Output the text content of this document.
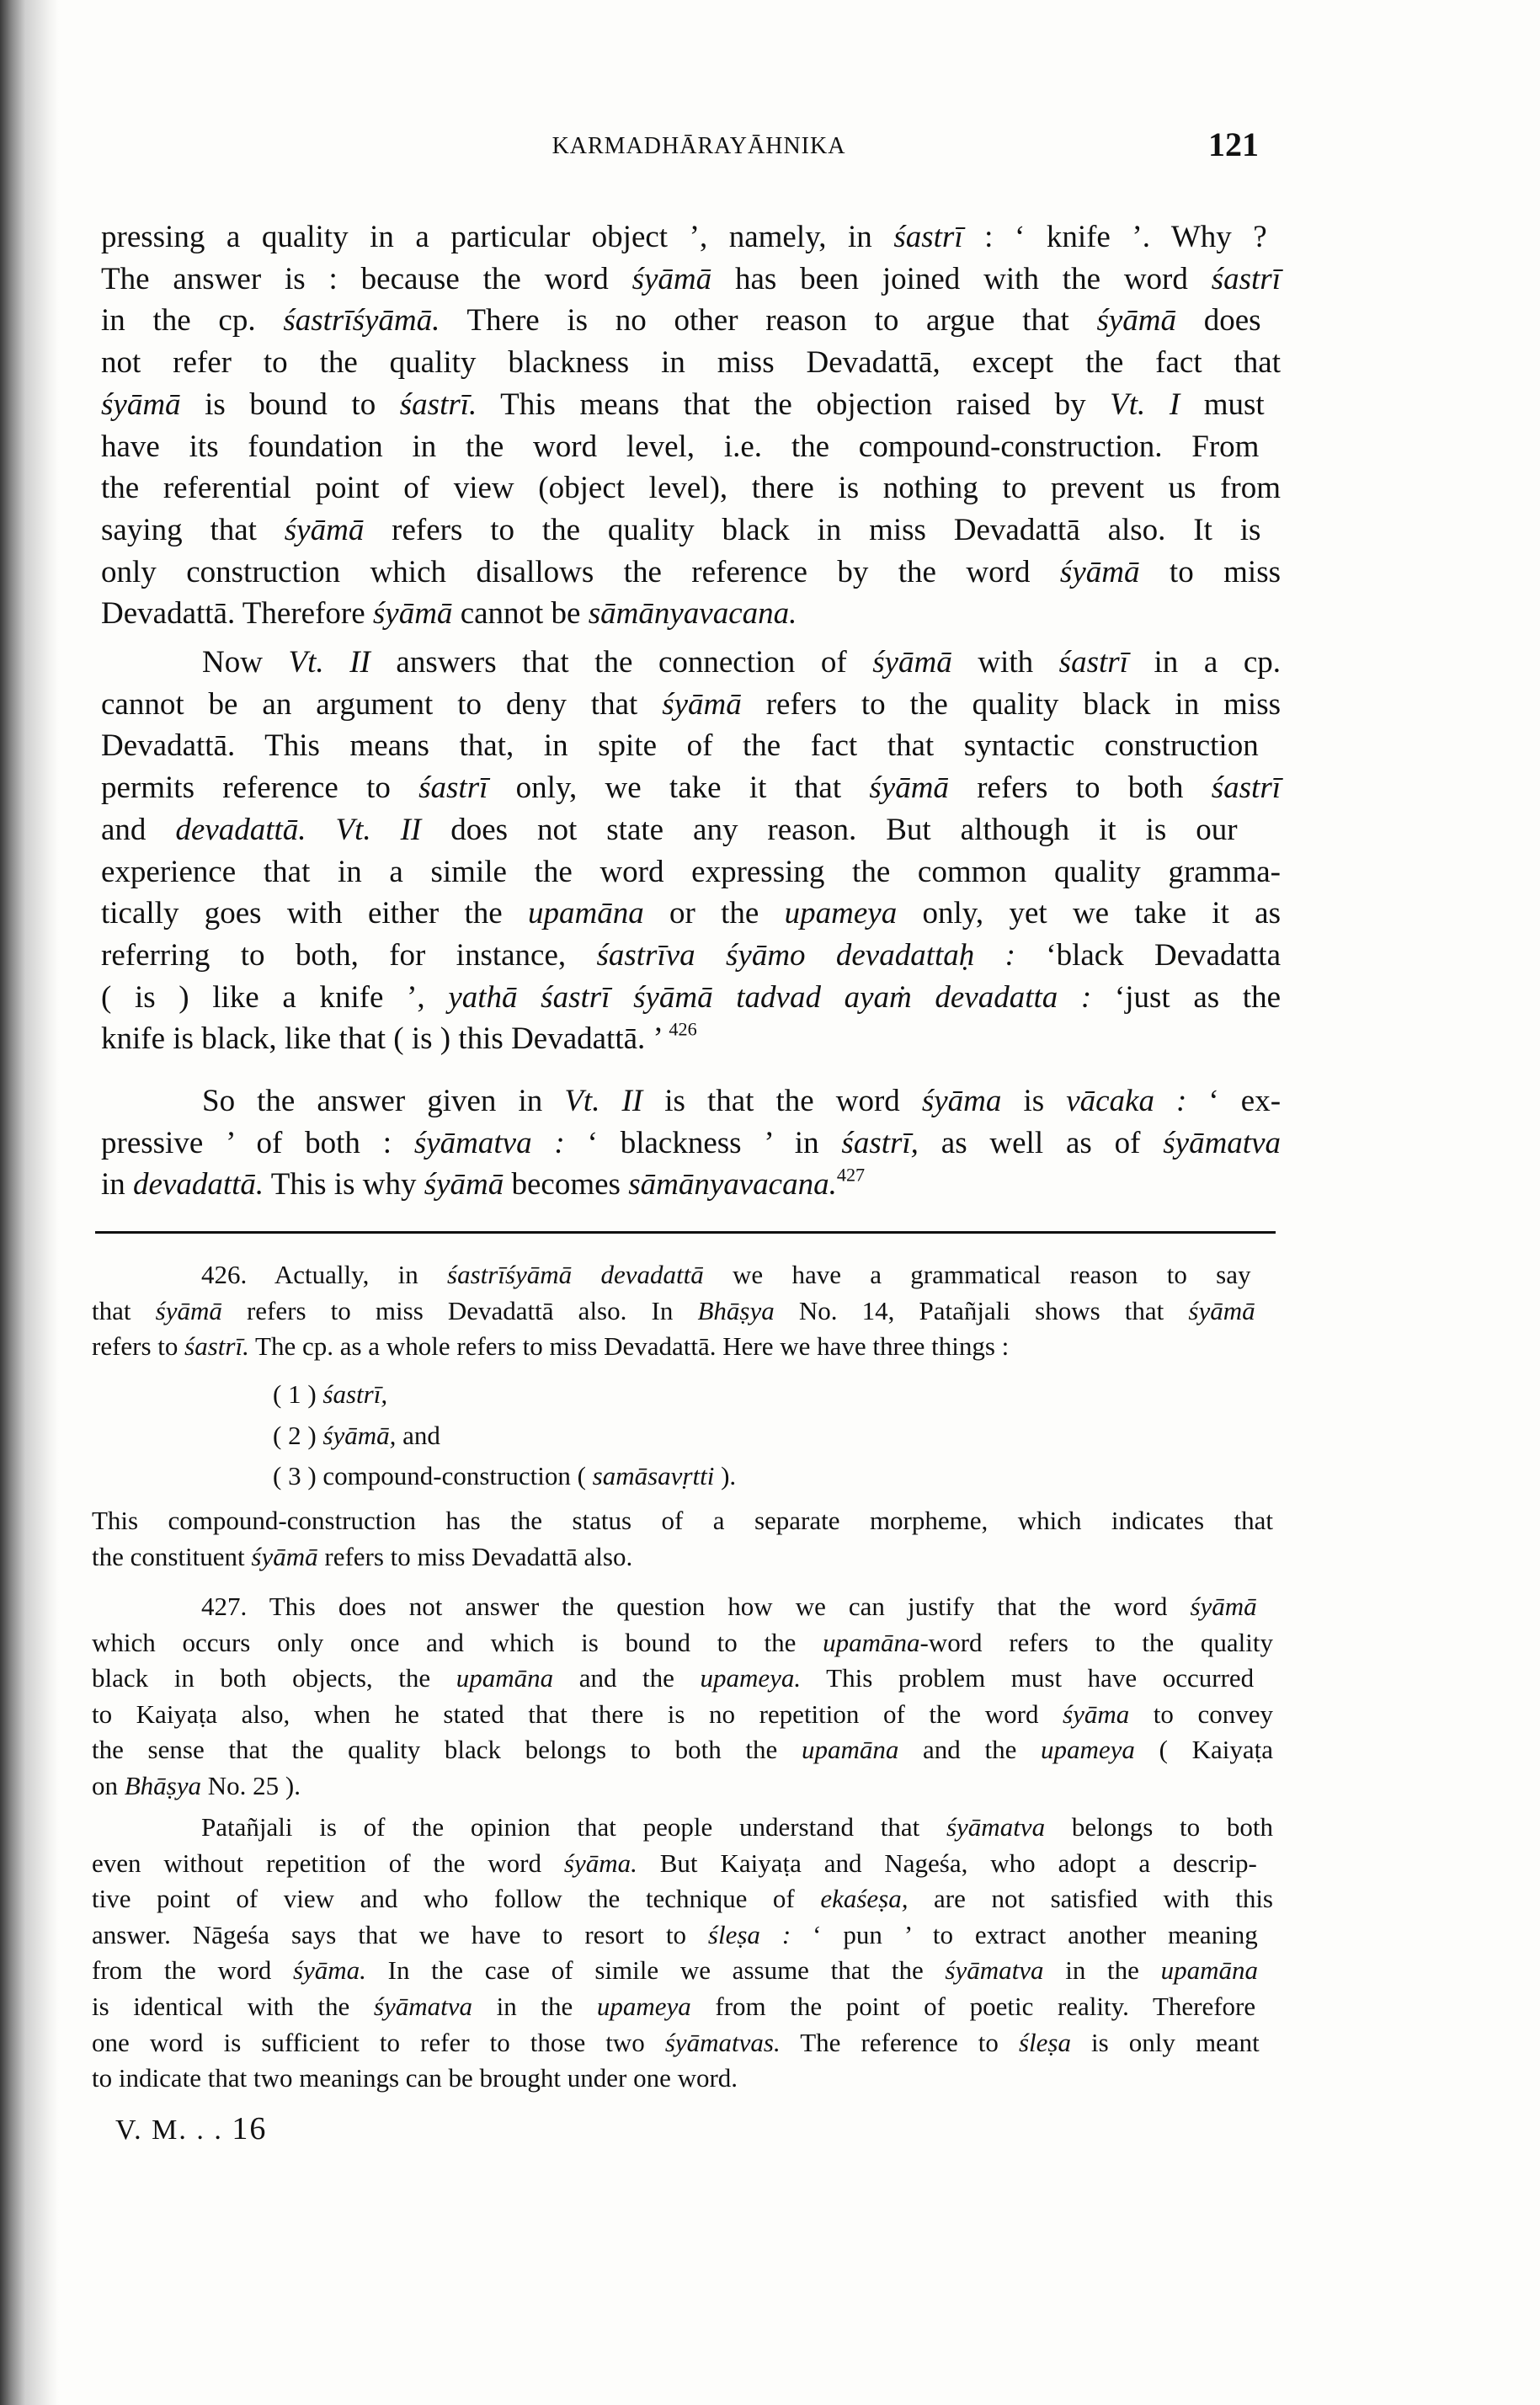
KARMADHĀRAYĀHNIKA	121
pressing a quality in a particular object ’, namely, in śastrī : ‘ knife ’. Why ?
The answer is : because the word śyāmā has been joined with the word śastrī
in the cp. śastrīśyāmā. There is no other reason to argue that śyāmā does
not refer to the quality blackness in miss Devadattā, except the fact that
śyāmā is bound to śastrī. This means that the objection raised by Vt. I must
have its foundation in the word level, i.e. the compound-construction. From
the referential point of view (object level), there is nothing to prevent us from
saying that śyāmā refers to the quality black in miss Devadattā also. It is
only construction which disallows the reference by the word śyāmā to miss
Devadattā. Therefore śyāmā cannot be sāmānyavacana.
Now Vt. II answers that the connection of śyāmā with śastrī in a cp.
cannot be an argument to deny that śyāmā refers to the quality black in miss
Devadattā. This means that, in spite of the fact that syntactic construction
permits reference to śastrī only, we take it that śyāmā refers to both śastrī
and devadattā. Vt. II does not state any reason. But although it is our
experience that in a simile the word expressing the common quality gramma-
tically goes with either the upamāna or the upameya only, yet we take it as
referring to both, for instance, śastrīva śyāmo devadattaḥ : ‘black Devadatta
( is ) like a knife ’, yathā śastrī śyāmā tadvad ayaṁ devadatta : ‘just as the
knife is black, like that ( is ) this Devadattā. ’ $^{426}$
So the answer given in Vt. II is that the word śyāma is vācaka : ‘ ex-
pressive ’ of both : śyāmatva : ‘ blackness ’ in śastrī, as well as of śyāmatva
in devadattā. This is why śyāmā becomes sāmānyavacana.$^{427}$
426. Actually, in śastrīśyāmā devadattā we have a grammatical reason to say
that śyāmā refers to miss Devadattā also. In Bhāṣya No. 14, Patañjali shows that śyāmā
refers to śastrī. The cp. as a whole refers to miss Devadattā. Here we have three things :
( 1 ) śastrī,
( 2 ) śyāmā, and
( 3 ) compound-construction ( samāsavṛtti ).
This compound-construction has the status of a separate morpheme, which indicates that
the constituent śyāmā refers to miss Devadattā also.
427. This does not answer the question how we can justify that the word śyāmā
which occurs only once and which is bound to the upamāna-word refers to the quality
black in both objects, the upamāna and the upameya. This problem must have occurred
to Kaiyaṭa also, when he stated that there is no repetition of the word śyāma to convey
the sense that the quality black belongs to both the upamāna and the upameya ( Kaiyaṭa
on Bhāṣya No. 25 ).
Patañjali is of the opinion that people understand that śyāmatva belongs to both
even without repetition of the word śyāma. But Kaiyaṭa and Nageśa, who adopt a descrip-
tive point of view and who follow the technique of ekaśeṣa, are not satisfied with this
answer. Nāgeśa says that we have to resort to śleṣa : ‘ pun ’ to extract another meaning
from the word śyāma. In the case of simile we assume that the śyāmatva in the upamāna
is identical with the śyāmatva in the upameya from the point of poetic reality. Therefore
one word is sufficient to refer to those two śyāmatvas. The reference to śleṣa is only meant
to indicate that two meanings can be brought under one word.
V. M. . . 16
